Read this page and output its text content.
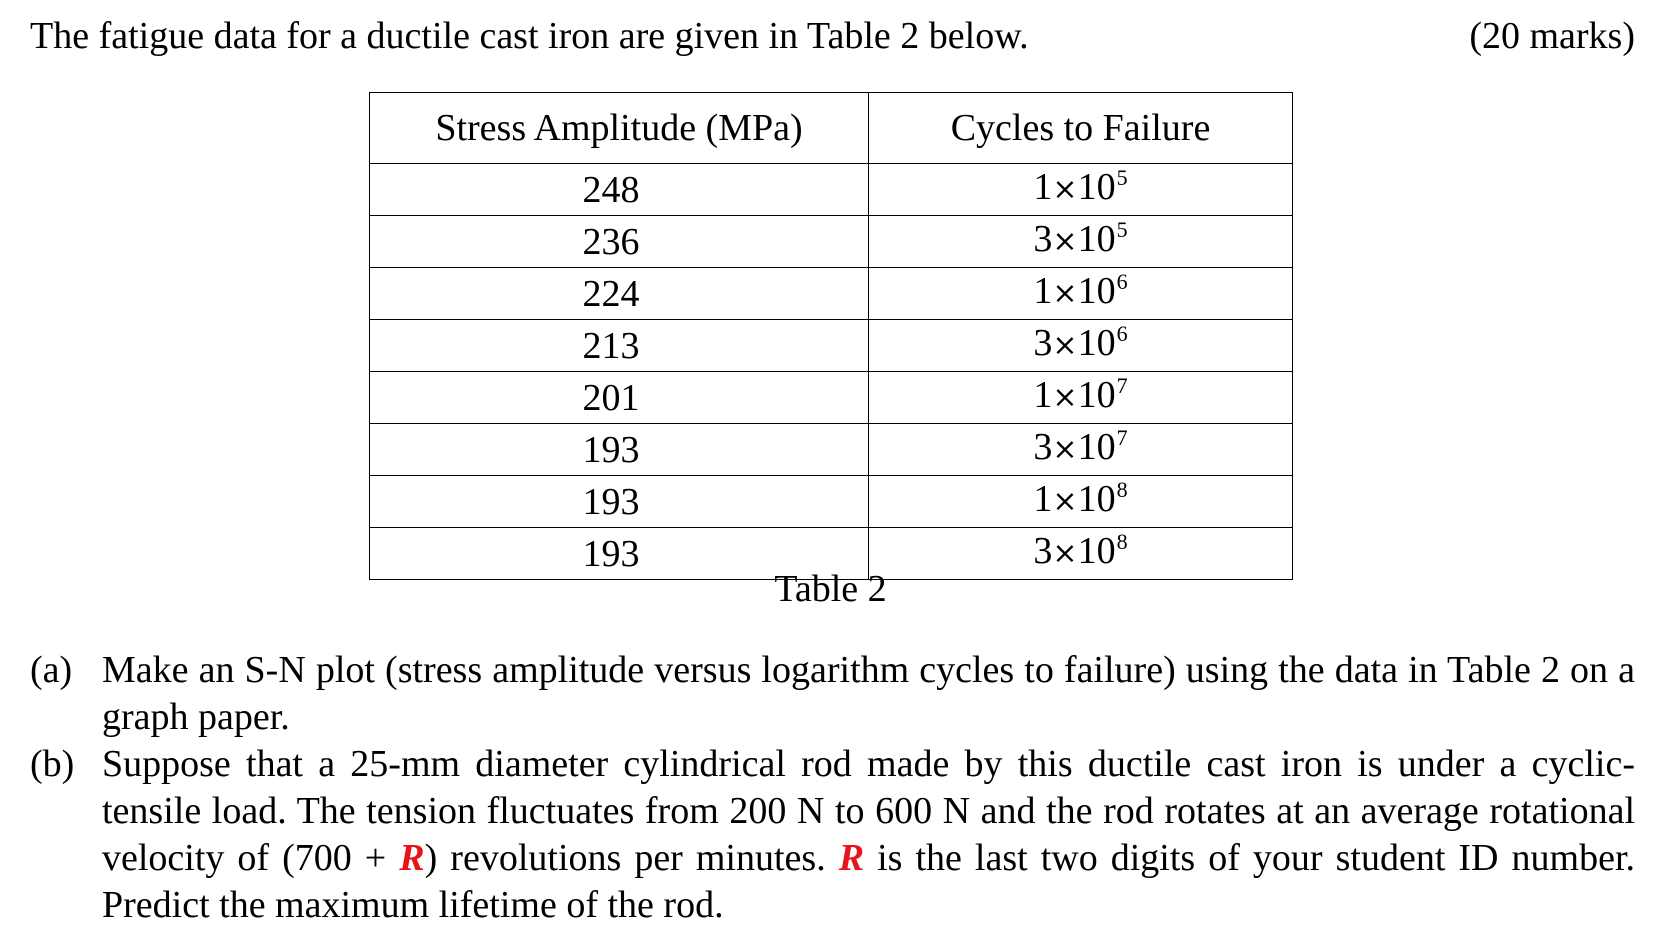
The fatigue data for a ductile cast iron are given in Table 2 below.	(20 marks)
Stress Amplitude (MPa)	Cycles to Failure
248	$1\times 10^5$
236	$3\times 10^5$
224	$1\times 10^6$
213	$3\times 10^6$
201	$1\times 10^7$
193	$3\times 10^7$
193	$1\times 10^8$
193	$3\times 10^8$
Table 2
(a) Make an S-N plot (stress amplitude versus logarithm cycles to failure) using the data in Table 2 on a graph paper.
(b) Suppose that a 25-mm diameter cylindrical rod made by this ductile cast iron is under a cyclic-tensile load. The tension fluctuates from 200 N to 600 N and the rod rotates at an average rotational velocity of (700 + R) revolutions per minutes. R is the last two digits of your student ID number. Predict the maximum lifetime of the rod.
